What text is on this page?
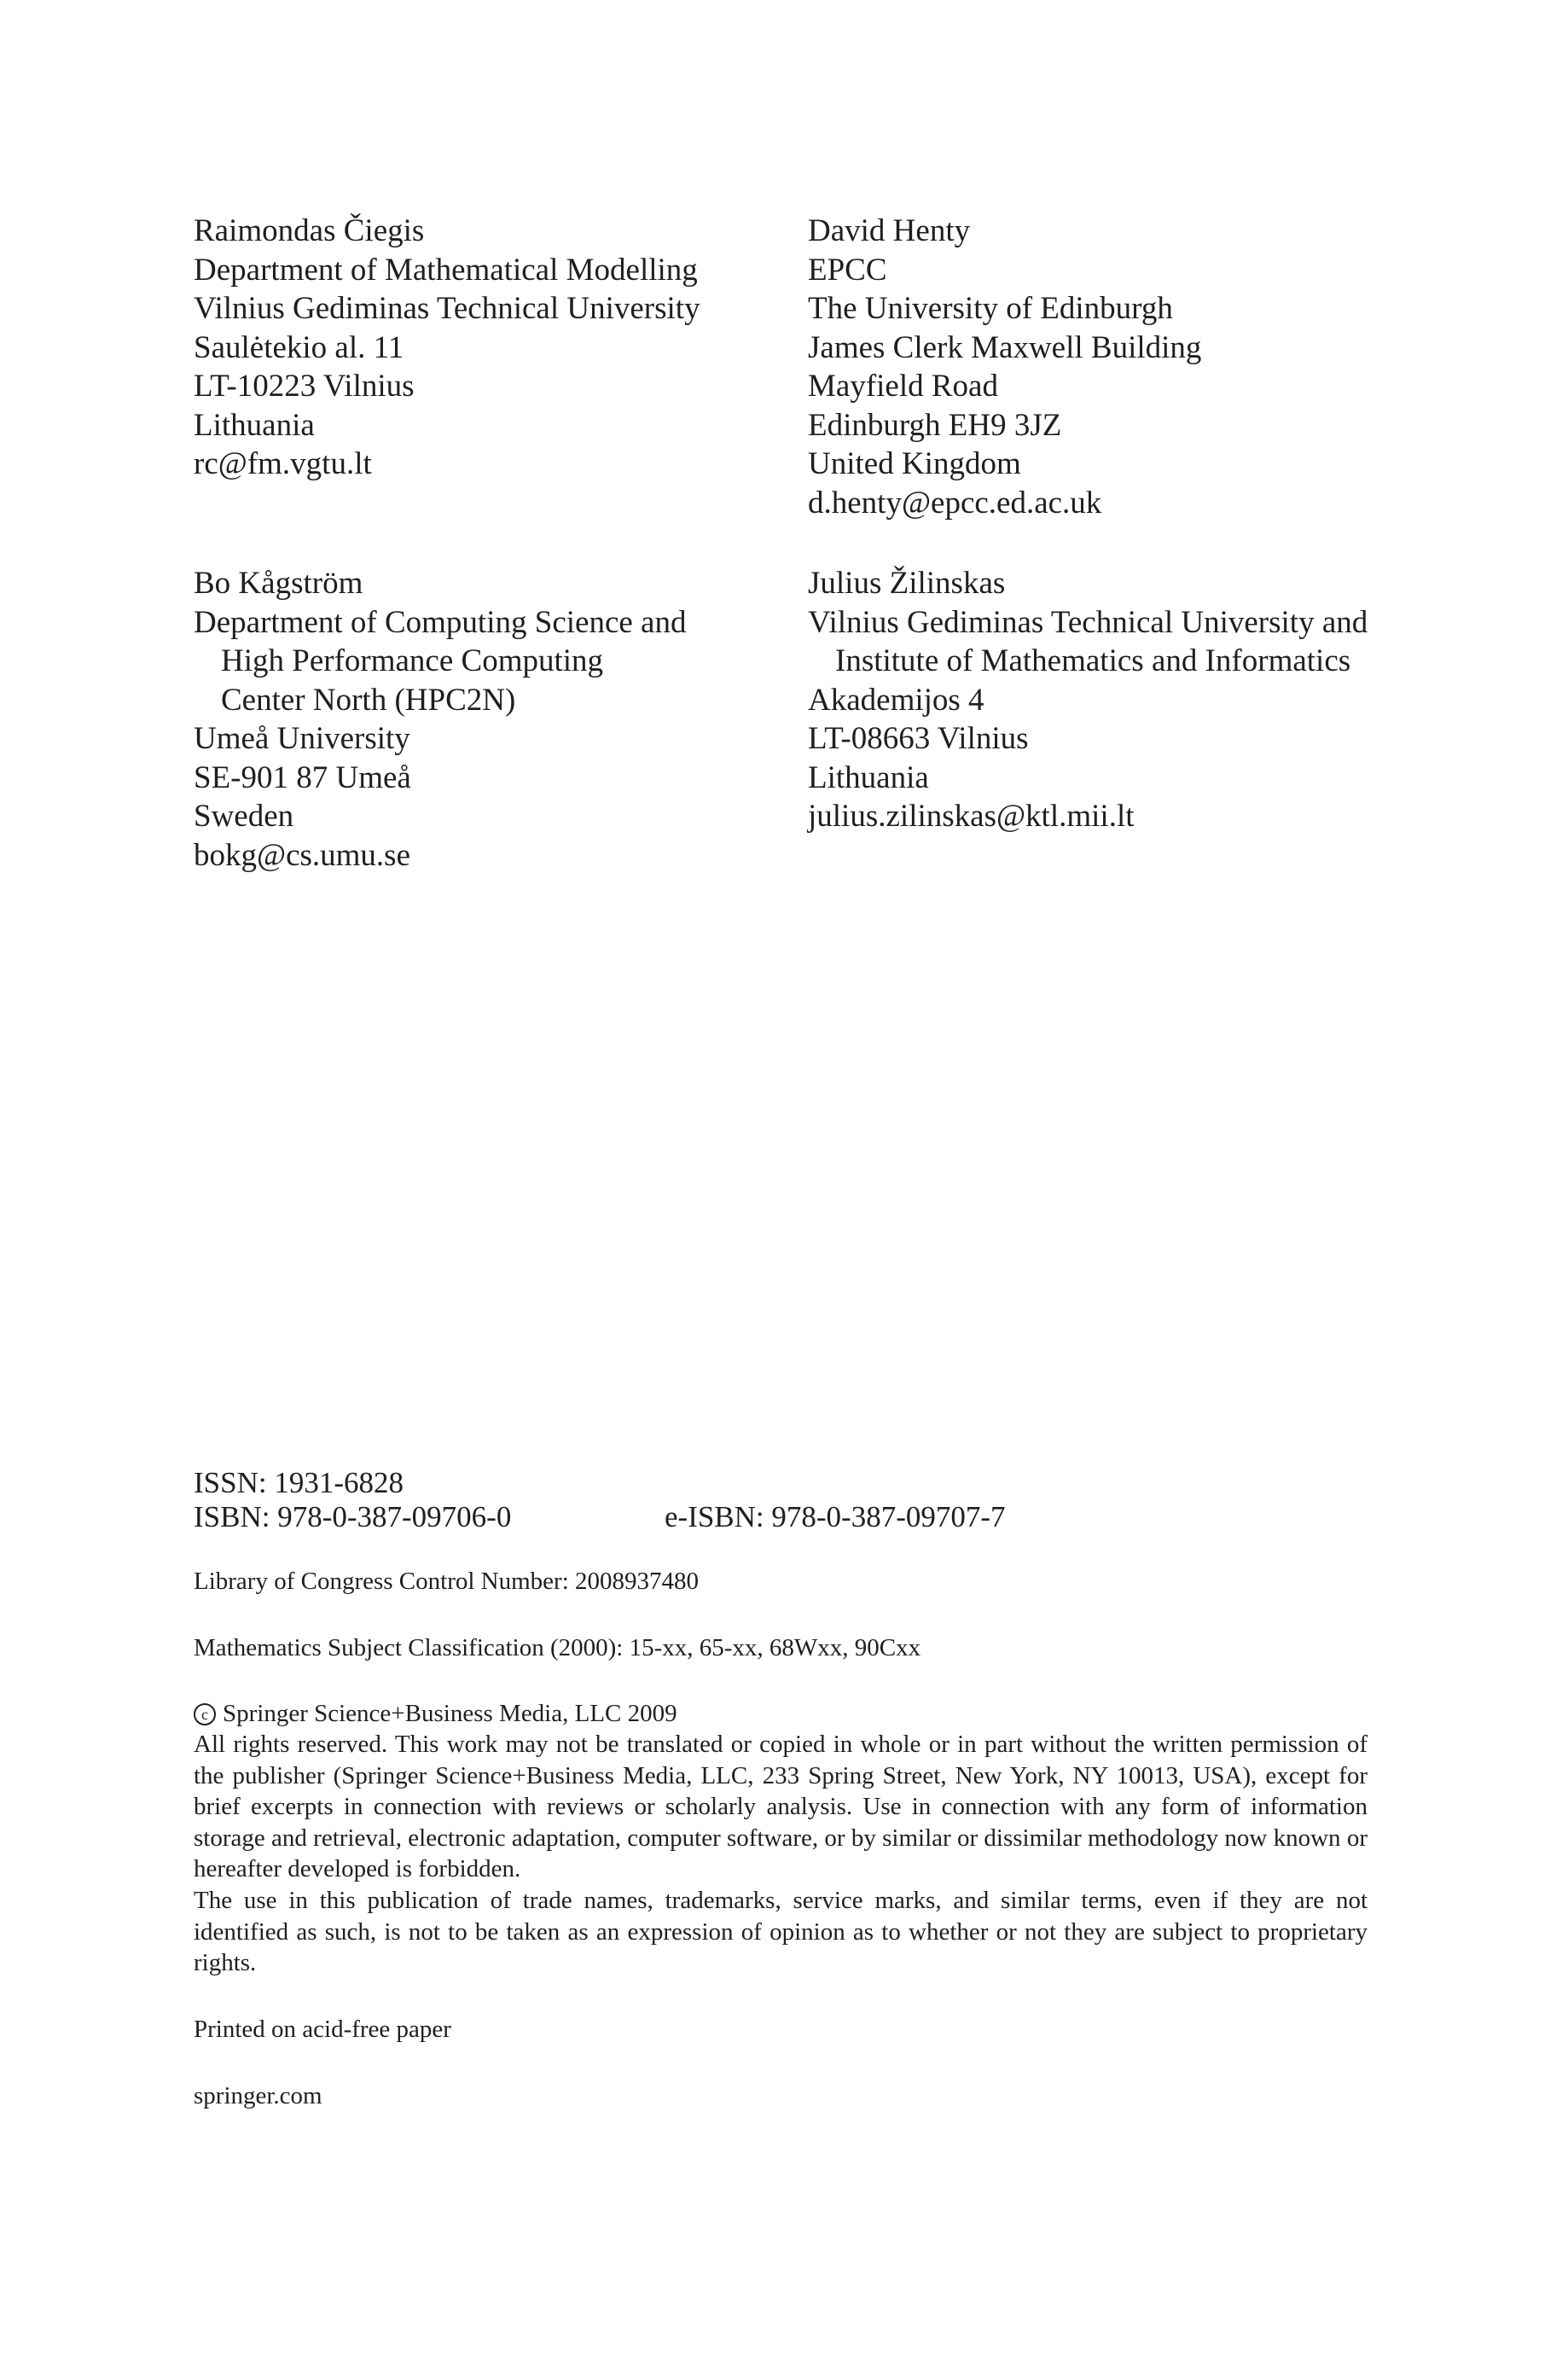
Raimondas Čiegis
Department of Mathematical Modelling
Vilnius Gediminas Technical University
Saulėtekio al. 11
LT-10223 Vilnius
Lithuania
rc@fm.vgtu.lt
David Henty
EPCC
The University of Edinburgh
James Clerk Maxwell Building
Mayfield Road
Edinburgh EH9 3JZ
United Kingdom
d.henty@epcc.ed.ac.uk
Bo Kågström
Department of Computing Science and
High Performance Computing
Center North (HPC2N)
Umeå University
SE-901 87 Umeå
Sweden
bokg@cs.umu.se
Julius Žilinskas
Vilnius Gediminas Technical University and
Institute of Mathematics and Informatics
Akademijos 4
LT-08663 Vilnius
Lithuania
julius.zilinskas@ktl.mii.lt
ISSN: 1931-6828
ISBN: 978-0-387-09706-0	e-ISBN: 978-0-387-09707-7
Library of Congress Control Number: 2008937480
Mathematics Subject Classification (2000): 15-xx, 65-xx, 68Wxx, 90Cxx
c Springer Science+Business Media, LLC 2009
All rights reserved. This work may not be translated or copied in whole or in part without the written permission of the publisher (Springer Science+Business Media, LLC, 233 Spring Street, New York, NY 10013, USA), except for brief excerpts in connection with reviews or scholarly analysis. Use in connection with any form of information storage and retrieval, electronic adaptation, computer software, or by similar or dissimilar methodology now known or hereafter developed is forbidden.
The use in this publication of trade names, trademarks, service marks, and similar terms, even if they are not identified as such, is not to be taken as an expression of opinion as to whether or not they are subject to proprietary rights.
Printed on acid-free paper
springer.com
